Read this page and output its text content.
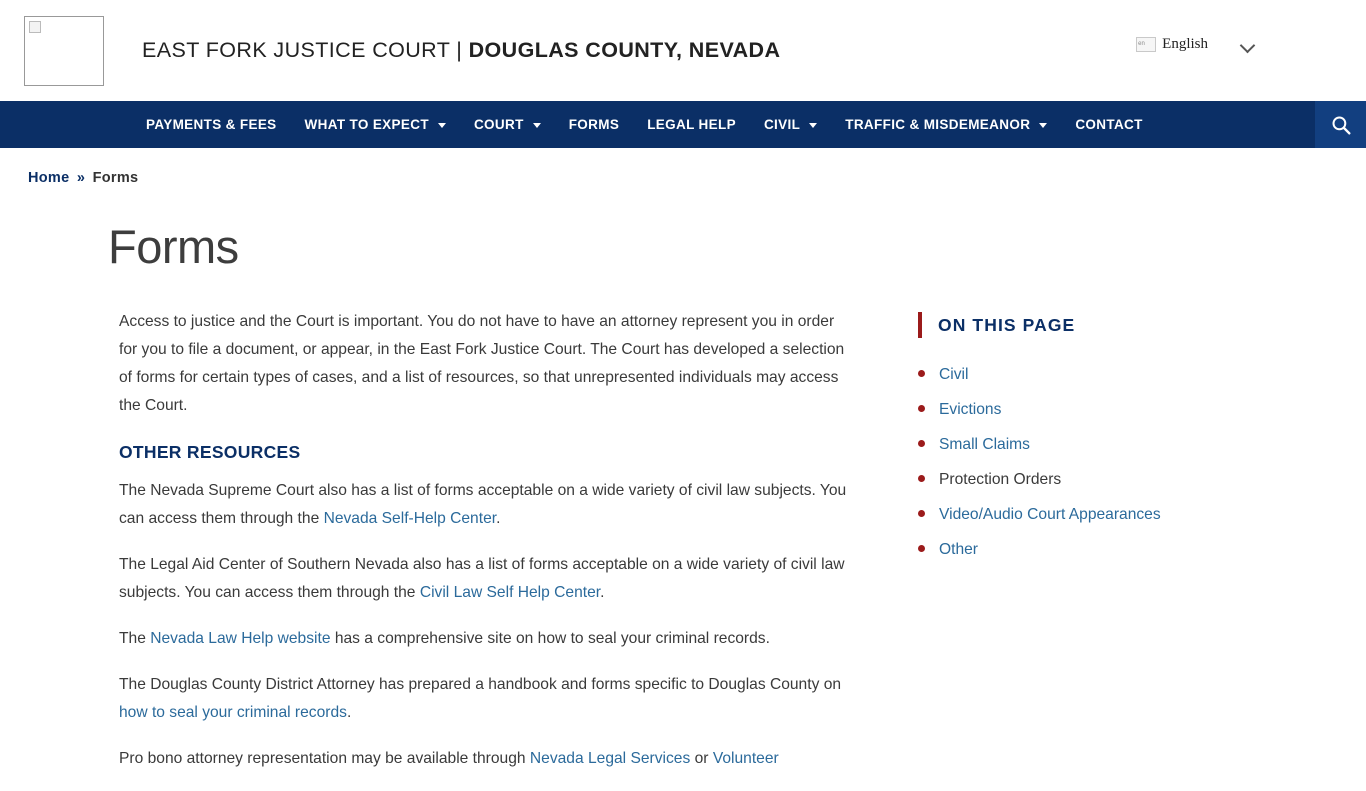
EAST FORK JUSTICE COURT | DOUGLAS COUNTY, NEVADA	en	English
PAYMENTS & FEES WHAT TO EXPECT	COURT	FORMS LEGAL HELP CIVIL	TRAFFIC & MISDEMEANOR	CONTACT
Home » Forms
Forms

Access to justice and the Court is important. You do not have to have an attorney represent you in order for you to file a document, or appear, in the East Fork Justice Court. The Court has developed a selection of forms for certain types of cases, and a list of resources, so that unrepresented individuals may access the Court.

OTHER RESOURCES

The Nevada Supreme Court also has a list of forms acceptable on a wide variety of civil law subjects. You can access them through the Nevada Self-Help Center.

The Legal Aid Center of Southern Nevada also has a list of forms acceptable on a wide variety of civil law subjects. You can access them through the Civil Law Self Help Center.

The Nevada Law Help website has a comprehensive site on how to seal your criminal records.

The Douglas County District Attorney has prepared a handbook and forms specific to Douglas County on how to seal your criminal records.

Pro bono attorney representation may be available through Nevada Legal Services or Volunteer

ON THIS PAGE
Civil
Evictions
Small Claims
Protection Orders
Video/Audio Court Appearances
Other
